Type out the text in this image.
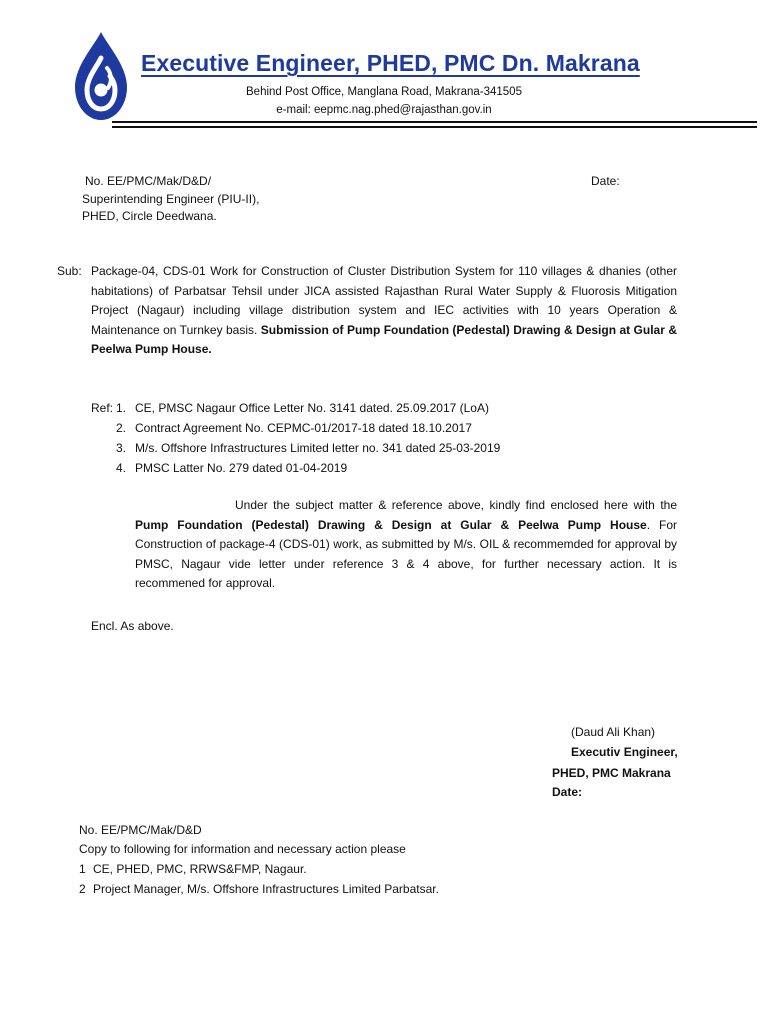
Executive Engineer, PHED, PMC Dn. Makrana
Behind Post Office, Manglana Road, Makrana-341505
e-mail: eepmc.nag.phed@rajasthan.gov.in
No. EE/PMC/Mak/D&D/	Date:
Superintending Engineer (PIU-II),
PHED, Circle Deedwana.
Sub: Package-04, CDS-01 Work for Construction of Cluster Distribution System for 110 villages & dhanies (other habitations) of Parbatsar Tehsil under JICA assisted Rajasthan Rural Water Supply & Fluorosis Mitigation Project (Nagaur) including village distribution system and IEC activities with 10 years Operation & Maintenance on Turnkey basis. Submission of Pump Foundation (Pedestal) Drawing & Design at Gular & Peelwa Pump House.
Ref: 1. CE, PMSC Nagaur Office Letter No. 3141 dated. 25.09.2017 (LoA)
2. Contract Agreement No. CEPMC-01/2017-18 dated 18.10.2017
3. M/s. Offshore Infrastructures Limited letter no. 341 dated 25-03-2019
4. PMSC Latter No. 279 dated 01-04-2019
Under the subject matter & reference above, kindly find enclosed here with the Pump Foundation (Pedestal) Drawing & Design at Gular & Peelwa Pump House. For Construction of package-4 (CDS-01) work, as submitted by M/s. OIL & recommemded for approval by PMSC, Nagaur vide letter under reference 3 & 4 above, for further necessary action. It is recommened for approval.
Encl. As above.
(Daud Ali Khan)
Executiv Engineer,
PHED, PMC Makrana
Date:
No. EE/PMC/Mak/D&D
Copy to following for information and necessary action please
1 CE, PHED, PMC, RRWS&FMP, Nagaur.
2 Project Manager, M/s. Offshore Infrastructures Limited Parbatsar.
